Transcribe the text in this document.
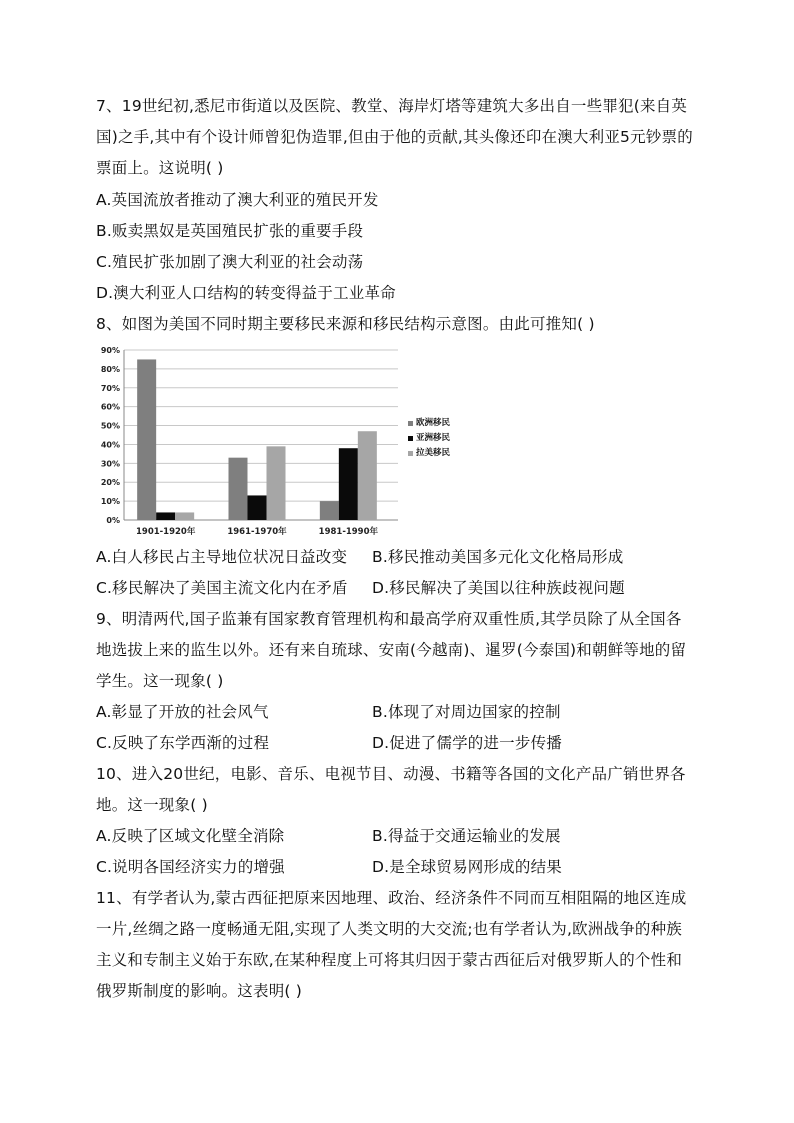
7、19世纪初,悉尼市街道以及医院、教堂、海岸灯塔等建筑大多出自一些罪犯(来自英
国)之手,其中有个设计师曾犯伪造罪,但由于他的贡献,其头像还印在澳大利亚5元钞票的
票面上。这说明( )
A.英国流放者推动了澳大利亚的殖民开发
B.贩卖黑奴是英国殖民扩张的重要手段
C.殖民扩张加剧了澳大利亚的社会动荡
D.澳大利亚人口结构的转变得益于工业革命
8、如图为美国不同时期主要移民来源和移民结构示意图。由此可推知( )
0%
10%
20%
30%
40%
50%
60%
70%
80%
90%
1901-1920年	1961-1970年	1981-1990年
A.白人移民占主导地位状况日益改变 B.移民推动美国多元化文化格局形成
C.移民解决了美国主流文化内在矛盾 D.移民解决了美国以往种族歧视问题
9、明清两代,国子监兼有国家教育管理机构和最高学府双重性质,其学员除了从全国各
地选拔上来的监生以外。还有来自琉球、安南(今越南)、暹罗(今泰国)和朝鲜等地的留
学生。这一现象( )
A.彰显了开放的社会风气	B.体现了对周边国家的控制
C.反映了东学西渐的过程	D.促进了儒学的进一步传播
10、进入20世纪，电影、音乐、电视节目、动漫、书籍等各国的文化产品广销世界各
地。这一现象( )
A.反映了区域文化壁全消除	B.得益于交通运输业的发展
C.说明各国经济实力的增强	D.是全球贸易网形成的结果
11、有学者认为,蒙古西征把原来因地理、政治、经济条件不同而互相阻隔的地区连成
一片,丝绸之路一度畅通无阻,实现了人类文明的大交流;也有学者认为,欧洲战争的种族
主义和专制主义始于东欧,在某种程度上可将其归因于蒙古西征后对俄罗斯人的个性和
俄罗斯制度的影响。这表明( )
欧洲移民
亚洲移民
拉美移民
